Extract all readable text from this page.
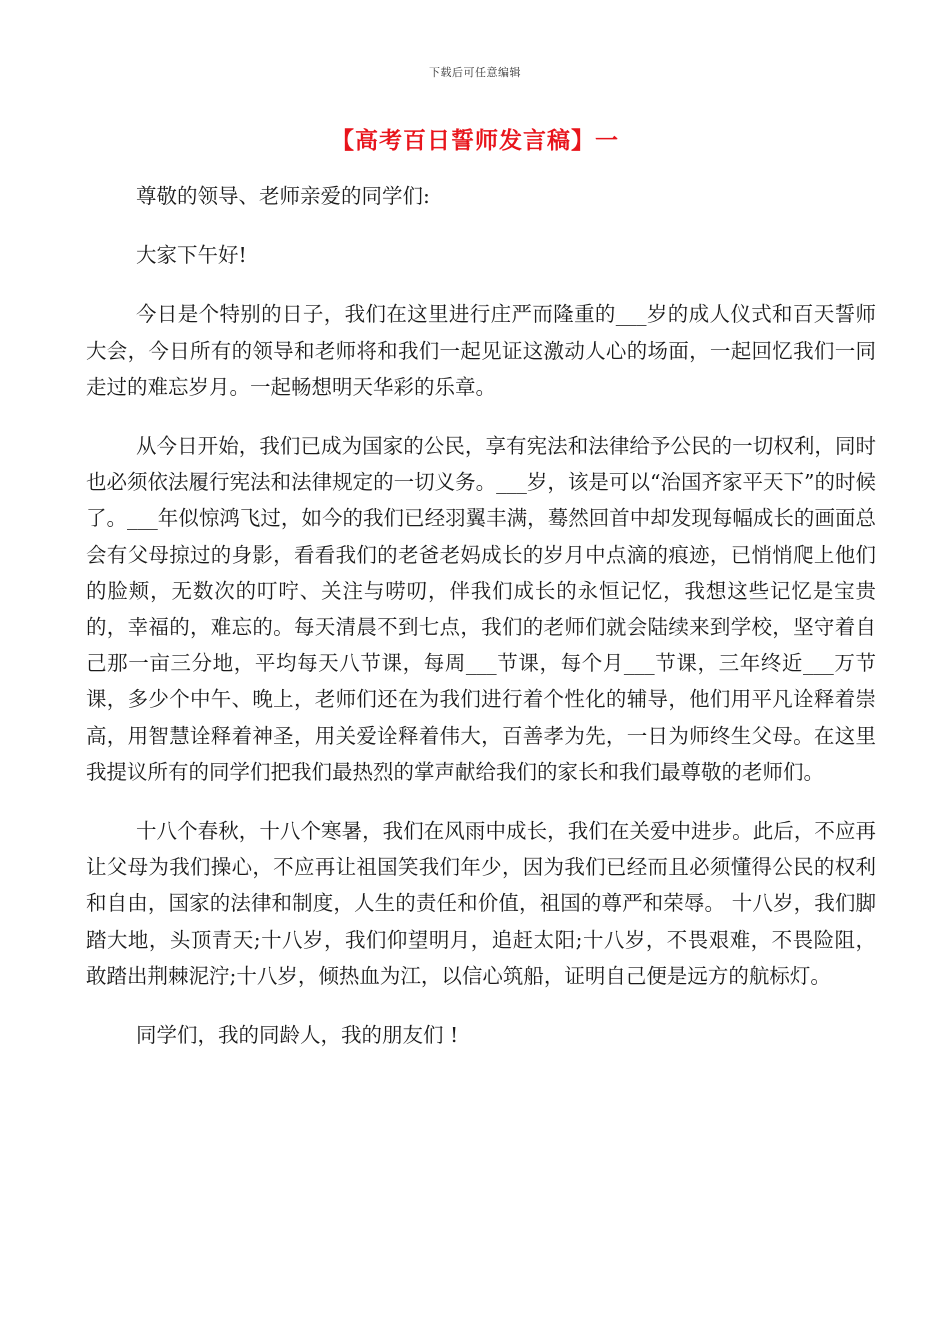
下载后可任意编辑
【高考百日誓师发言稿】一

尊敬的领导、老师亲爱的同学们:

大家下午好!

今日是个特别的日子，我们在这里进行庄严而隆重的___岁的成人仪式和百天誓师大会，今日所有的领导和老师将和我们一起见证这激动人心的场面，一起回忆我们一同走过的难忘岁月。一起畅想明天华彩的乐章。

从今日开始，我们已成为国家的公民，享有宪法和法律给予公民的一切权利，同时也必须依法履行宪法和法律规定的一切义务。___岁，该是可以“治国齐家平天下”的时候了。___年似惊鸿飞过，如今的我们已经羽翼丰满，蓦然回首中却发现每幅成长的画面总会有父母掠过的身影，看看我们的老爸老妈成长的岁月中点滴的痕迹，已悄悄爬上他们的脸颊，无数次的叮咛、关注与唠叨，伴我们成长的永恒记忆，我想这些记忆是宝贵的，幸福的，难忘的。每天清晨不到七点，我们的老师们就会陆续来到学校，坚守着自己那一亩三分地，平均每天八节课，每周___节课，每个月___节课，三年终近___万节课，多少个中午、晚上，老师们还在为我们进行着个性化的辅导，他们用平凡诠释着崇高，用智慧诠释着神圣，用关爱诠释着伟大，百善孝为先，一日为师终生父母。在这里我提议所有的同学们把我们最热烈的掌声献给我们的家长和我们最尊敬的老师们。

十八个春秋，十八个寒暑，我们在风雨中成长，我们在关爱中进步。此后，不应再让父母为我们操心，不应再让祖国笑我们年少，因为我们已经而且必须懂得公民的权利和自由，国家的法律和制度，人生的责任和价值，祖国的尊严和荣辱。 十八岁，我们脚踏大地，头顶青天;十八岁，我们仰望明月，追赶太阳;十八岁，不畏艰难，不畏险阻，敢踏出荆棘泥泞;十八岁，倾热血为江，以信心筑船，证明自己便是远方的航标灯。

同学们，我的同龄人，我的朋友们 !
